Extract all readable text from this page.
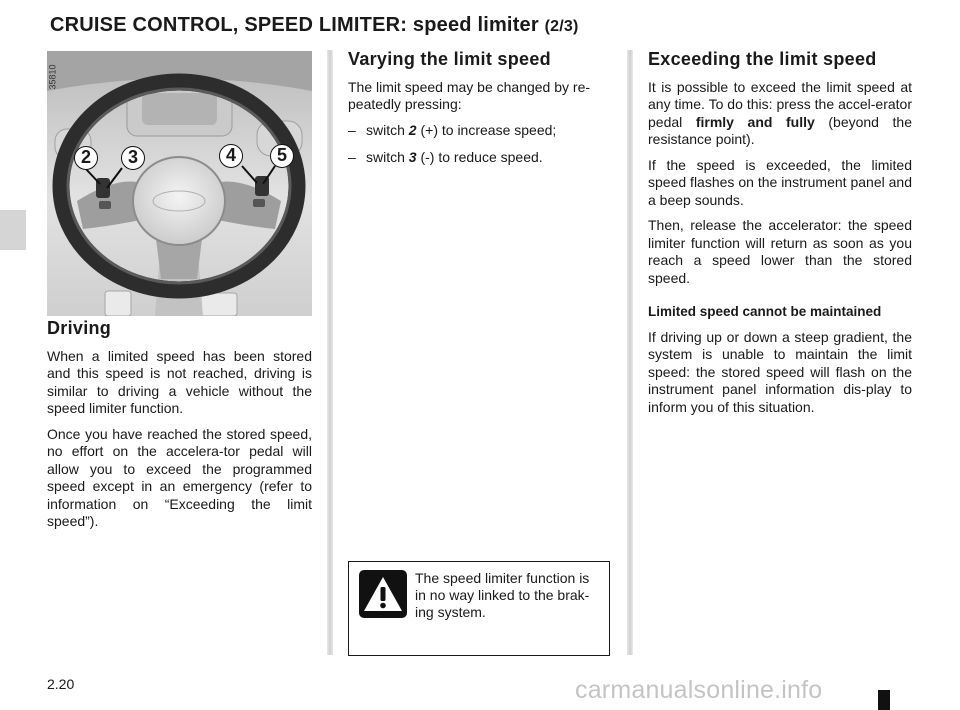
CRUISE CONTROL, SPEED LIMITER: speed limiter (2/3)
2	3	4	5
35810
Driving

When a limited speed has been stored and this speed is not reached, driving is similar to driving a vehicle without the speed limiter function.

Once you have reached the stored speed, no effort on the accelera-tor pedal will allow you to exceed the programmed speed except in an emergency (refer to information on “Exceeding the limit speed”).

Varying the limit speed

The limit speed may be changed by re-peatedly pressing:

– switch 2 (+) to increase speed;
– switch 3 (-) to reduce speed.
The speed limiter function is in no way linked to the brak-ing system.
Exceeding the limit speed

It is possible to exceed the limit speed at any time. To do this: press the accel-erator pedal firmly and fully (beyond the resistance point).

If the speed is exceeded, the limited speed flashes on the instrument panel and a beep sounds.

Then, release the accelerator: the speed limiter function will return as soon as you reach a speed lower than the stored speed.

Limited speed cannot be maintained

If driving up or down a steep gradient, the system is unable to maintain the limit speed: the stored speed will flash on the instrument panel information dis-play to inform you of this situation.

2.20	carmanualsonline.info
